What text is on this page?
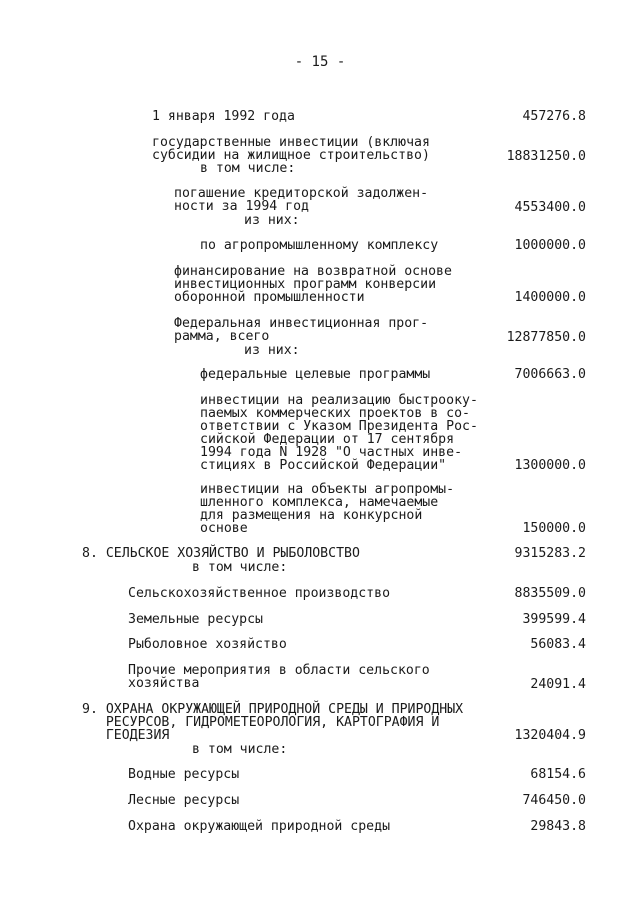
- 15 -
1 января 1992 года	457276.8
государственные инвестиции (включая
субсидии на жилищное строительство)	18831250.0
в том числе:
погашение кредиторской задолжен-
ности за 1994 год	4553400.0
из них:
по агропромышленному комплексу	1000000.0
финансирование на возвратной основе
инвестиционных программ конверсии
оборонной промышленности	1400000.0
Федеральная инвестиционная прог-
рамма, всего	12877850.0
из них:
федеральные целевые программы	7006663.0
инвестиции на реализацию быстрооку-
паемых коммерческих проектов в со-
ответствии с Указом Президента Рос-
сийской Федерации от 17 сентября
1994 года N 1928 "О частных инве-
стициях в Российской Федерации"	1300000.0
инвестиции на объекты агропромы-
шленного комплекса, намечаемые
для размещения на конкурсной
основе	150000.0
8. СЕЛЬСКОЕ ХОЗЯЙСТВО И РЫБОЛОВСТВО	9315283.2
в том числе:
Сельскохозяйственное производство	8835509.0
Земельные ресурсы	399599.4
Рыболовное хозяйство	56083.4
Прочие мероприятия в области сельского
хозяйства	24091.4
9. ОХРАНА ОКРУЖАЮЩЕЙ ПРИРОДНОЙ СРЕДЫ И ПРИРОДНЫХ
РЕСУРСОВ, ГИДРОМЕТЕОРОЛОГИЯ, КАРТОГРАФИЯ И
ГЕОДЕЗИЯ	1320404.9
в том числе:
Водные ресурсы	68154.6
Лесные ресурсы	746450.0
Охрана окружающей природной среды	29843.8
